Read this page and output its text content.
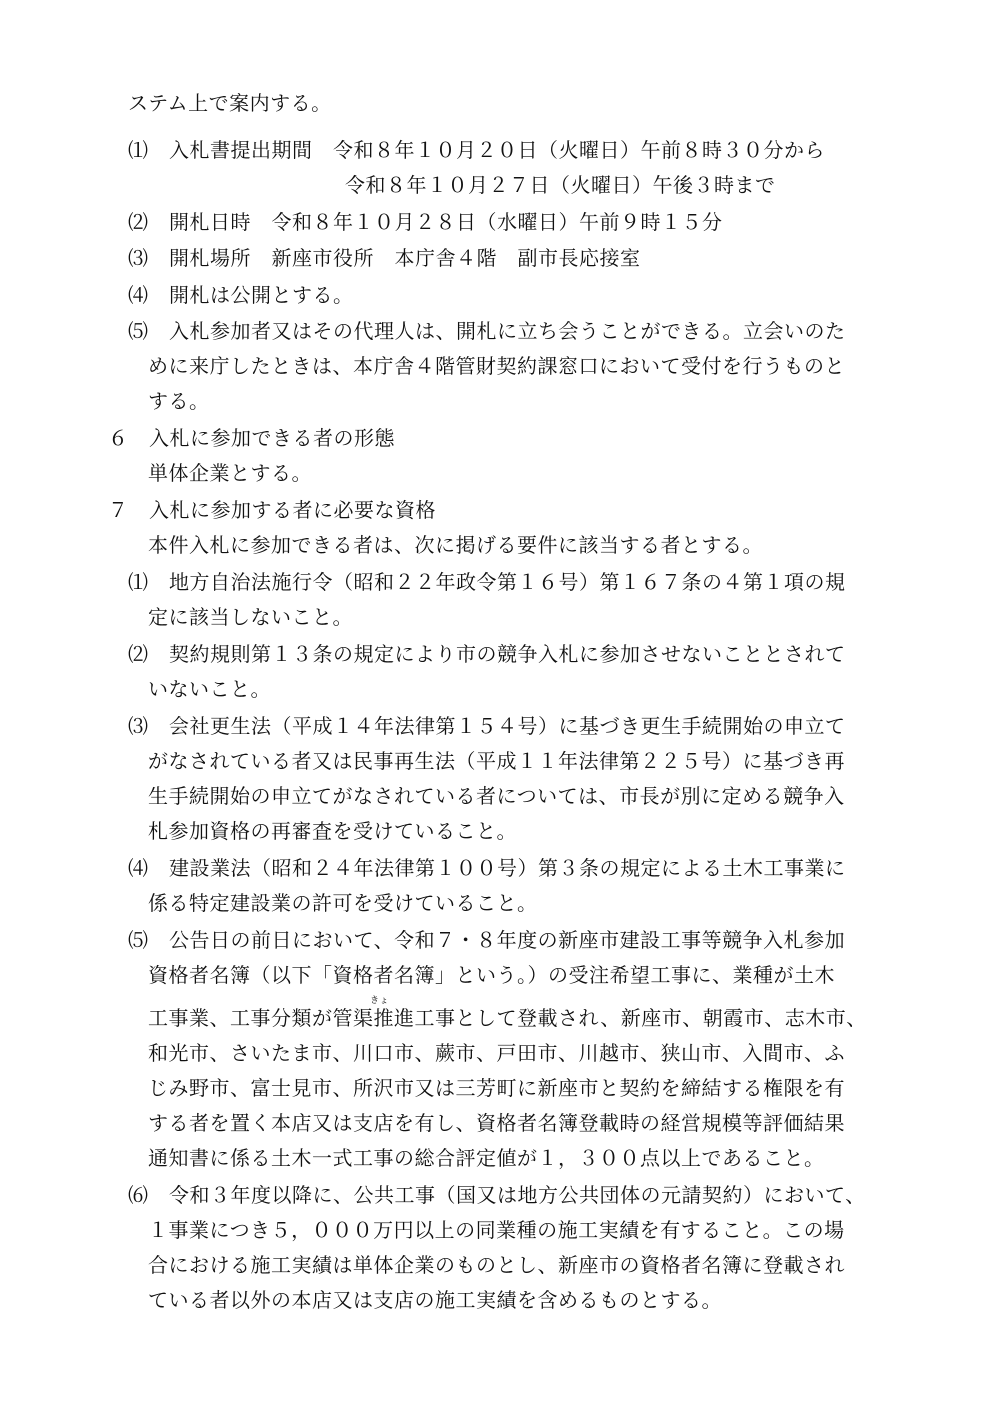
ステム上で案内する。
⑴　入札書提出期間　令和８年１０月２０日（火曜日）午前８時３０分から
令和８年１０月２７日（火曜日）午後３時まで
⑵　開札日時　令和８年１０月２８日（水曜日）午前９時１５分
⑶　開札場所　新座市役所　本庁舎４階　副市長応接室
⑷　開札は公開とする。
⑸　入札参加者又はその代理人は、開札に立ち会うことができる。立会いのた
めに来庁したときは、本庁舎４階管財契約課窓口において受付を行うものと
する。
６　入札に参加できる者の形態
単体企業とする。
７　入札に参加する者に必要な資格
本件入札に参加できる者は、次に掲げる要件に該当する者とする。
⑴　地方自治法施行令（昭和２２年政令第１６号）第１６７条の４第１項の規
定に該当しないこと。
⑵　契約規則第１３条の規定により市の競争入札に参加させないこととされて
いないこと。
⑶　会社更生法（平成１４年法律第１５４号）に基づき更生手続開始の申立て
がなされている者又は民事再生法（平成１１年法律第２２５号）に基づき再
生手続開始の申立てがなされている者については、市長が別に定める競争入
札参加資格の再審査を受けていること。
⑷　建設業法（昭和２４年法律第１００号）第３条の規定による土木工事業に
係る特定建設業の許可を受けていること。
⑸　公告日の前日において、令和７・８年度の新座市建設工事等競争入札参加
資格者名簿（以下「資格者名簿」という。）の受注希望工事に、業種が土木
きょ
工事業、工事分類が管渠推進工事として登載され、新座市、朝霞市、志木市、
和光市、さいたま市、川口市、蕨市、戸田市、川越市、狭山市、入間市、ふ
じみ野市、富士見市、所沢市又は三芳町に新座市と契約を締結する権限を有
する者を置く本店又は支店を有し、資格者名簿登載時の経営規模等評価結果
通知書に係る土木一式工事の総合評定値が１，３００点以上であること。
⑹　令和３年度以降に、公共工事（国又は地方公共団体の元請契約）において、
１事業につき５，０００万円以上の同業種の施工実績を有すること。この場
合における施工実績は単体企業のものとし、新座市の資格者名簿に登載され
ている者以外の本店又は支店の施工実績を含めるものとする。
